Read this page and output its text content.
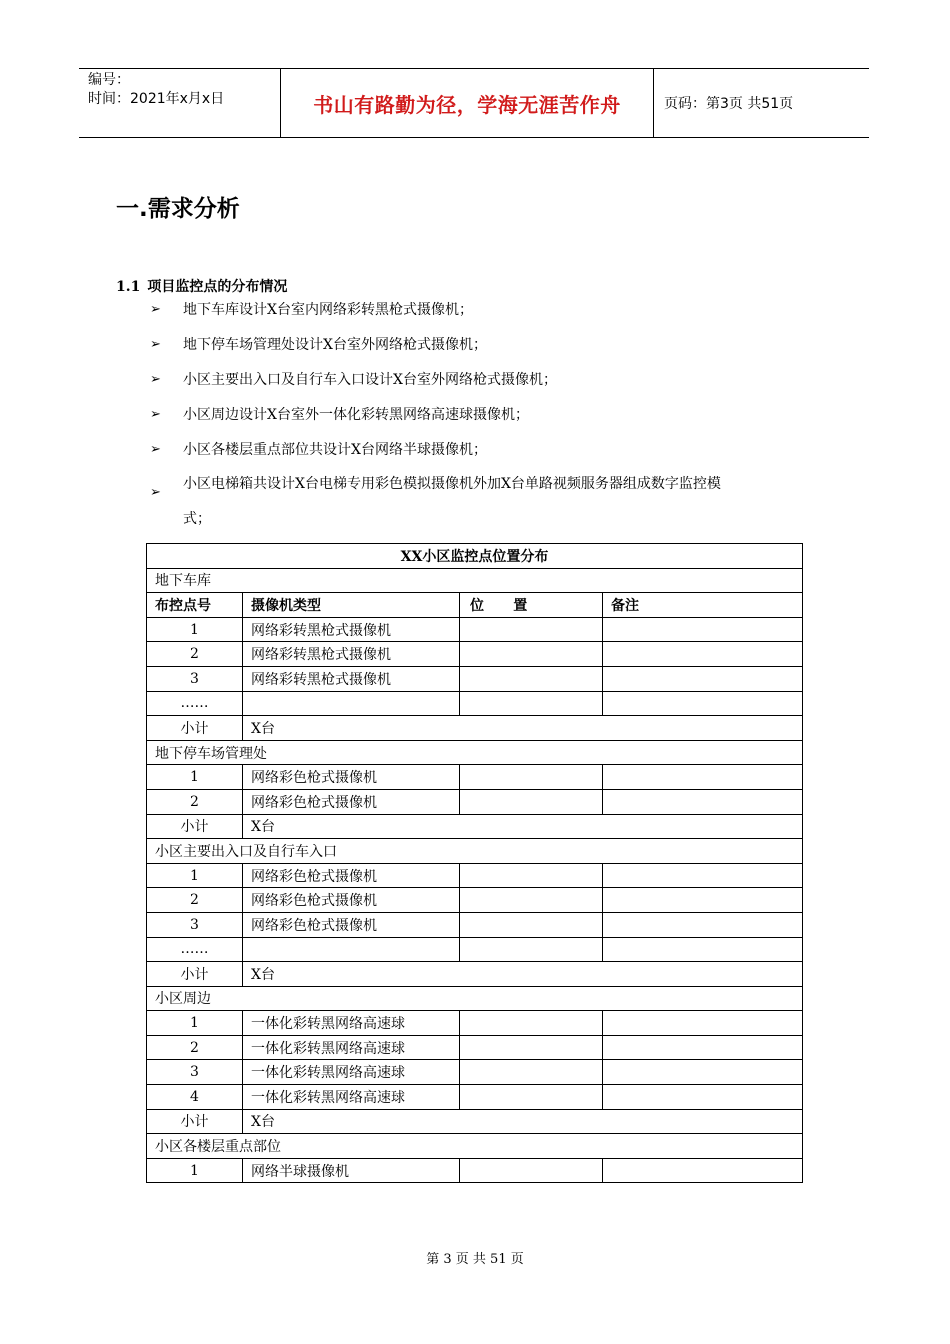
编号：
时间：2021年x月x日	书山有路勤为径，学海无涯苦作舟	页码：第3页 共51页
一.需求分析
1.1 项目监控点的分布情况
➢ 地下车库设计X台室内网络彩转黑枪式摄像机；
➢ 地下停车场管理处设计X台室外网络枪式摄像机；
➢ 小区主要出入口及自行车入口设计X台室外网络枪式摄像机；
➢ 小区周边设计X台室外一体化彩转黑网络高速球摄像机；
➢ 小区各楼层重点部位共设计X台网络半球摄像机；
➢
小区电梯箱共设计X台电梯专用彩色模拟摄像机外加X台单路视频服务器组成数字监控模
式；
XX小区监控点位置分布			
地下车库			
布控点号	摄像机类型	位      置	备注
1	网络彩转黑枪式摄像机		
2	网络彩转黑枪式摄像机		
3	网络彩转黑枪式摄像机		
……			
小计	X台		
地下停车场管理处			
1	网络彩色枪式摄像机		
2	网络彩色枪式摄像机		
小计	X台		
小区主要出入口及自行车入口			
1	网络彩色枪式摄像机		
2	网络彩色枪式摄像机		
3	网络彩色枪式摄像机		
……			
小计	X台		
小区周边			
1	一体化彩转黑网络高速球		
2	一体化彩转黑网络高速球		
3	一体化彩转黑网络高速球		
4	一体化彩转黑网络高速球		
小计	X台		
小区各楼层重点部位			
1	网络半球摄像机		
第 3 页 共 51 页
